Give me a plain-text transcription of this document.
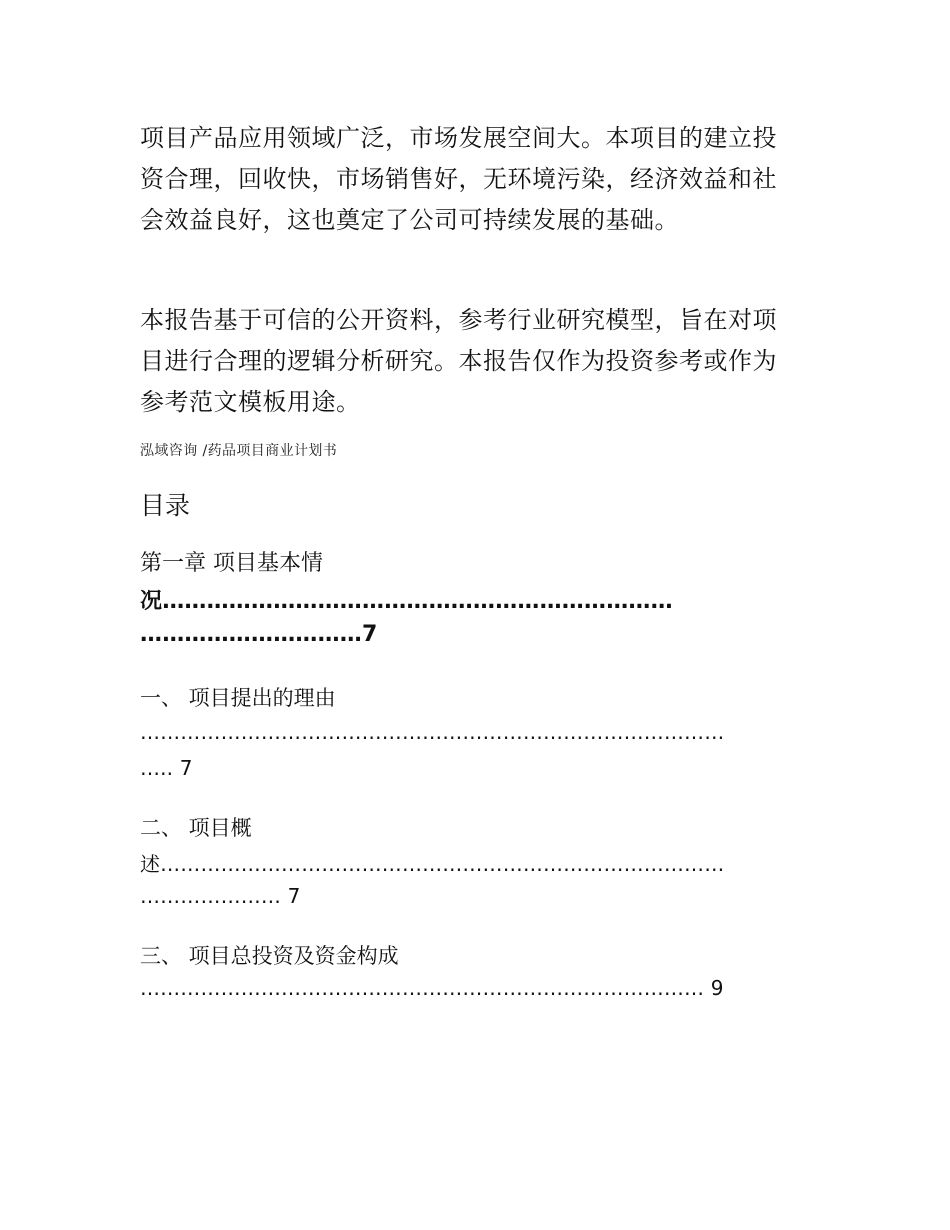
项目产品应用领域广泛，市场发展空间大。本项目的建立投资合理，回收快，市场销售好，无环境污染，经济效益和社会效益良好，这也奠定了公司可持续发展的基础。

本报告基于可信的公开资料，参考行业研究模型，旨在对项目进行合理的逻辑分析研究。本报告仅作为投资参考或作为参考范文模板用途。

泓域咨询 /药品项目商业计划书
目录
第一章 项目基本情
况……………………………………………………………
…………………………7
一、 项目提出的理由
……………………………………………………………………………
….. 7
二、 项目概
述…………………………………………………………………………
………………… 7
三、 项目总投资及资金构成
………………………………………………………………………… 9
